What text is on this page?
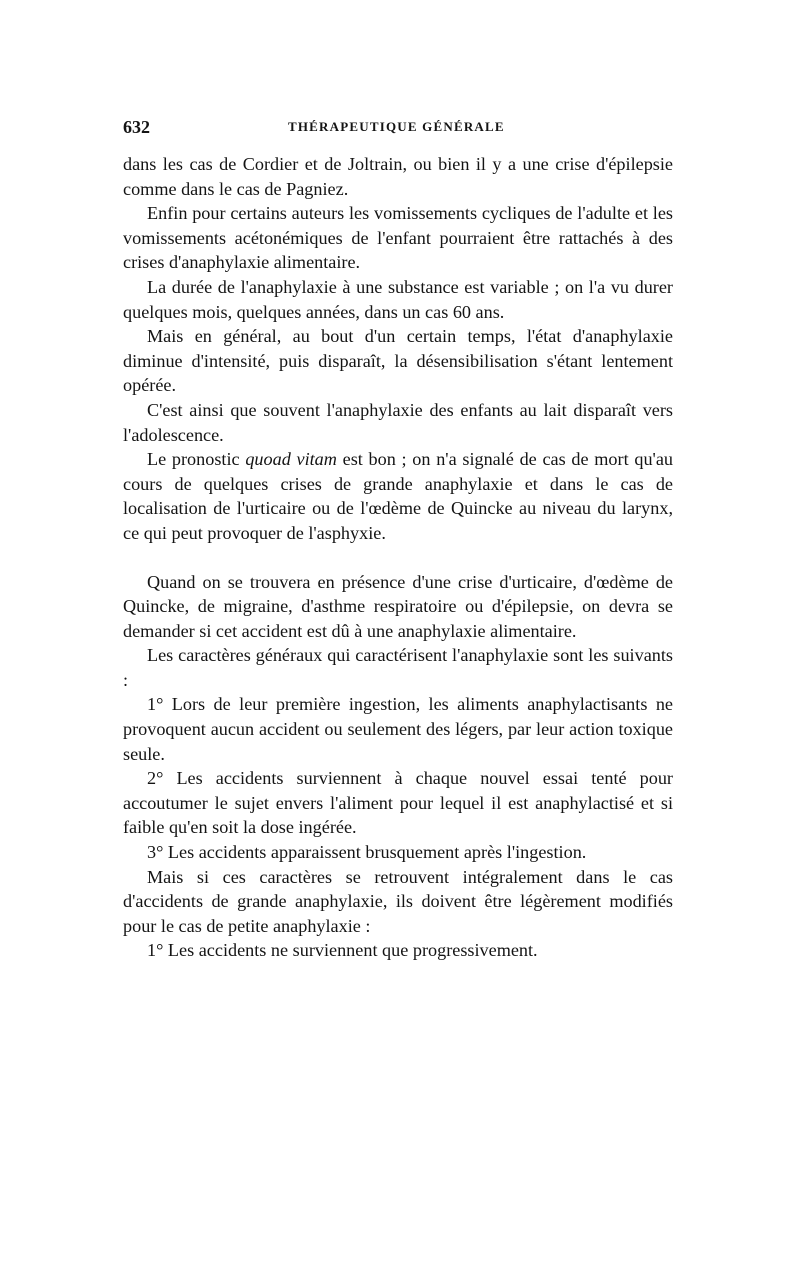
632	THÉRAPEUTIQUE GÉNÉRALE

dans les cas de Cordier et de Joltrain, ou bien il y a une crise d'épilepsie comme dans le cas de Pagniez.

Enfin pour certains auteurs les vomissements cycliques de l'adulte et les vomissements acétonémiques de l'enfant pourraient être rattachés à des crises d'anaphylaxie alimentaire.

La durée de l'anaphylaxie à une substance est variable ; on l'a vu durer quelques mois, quelques années, dans un cas 60 ans.

Mais en général, au bout d'un certain temps, l'état d'anaphylaxie diminue d'intensité, puis disparaît, la désensibilisation s'étant lentement opérée.

C'est ainsi que souvent l'anaphylaxie des enfants au lait disparaît vers l'adolescence.

Le pronostic quoad vitam est bon ; on n'a signalé de cas de mort qu'au cours de quelques crises de grande anaphylaxie et dans le cas de localisation de l'urticaire ou de l'œdème de Quincke au niveau du larynx, ce qui peut provoquer de l'asphyxie.

Quand on se trouvera en présence d'une crise d'urticaire, d'œdème de Quincke, de migraine, d'asthme respiratoire ou d'épilepsie, on devra se demander si cet accident est dû à une anaphylaxie alimentaire.

Les caractères généraux qui caractérisent l'anaphylaxie sont les suivants :

1° Lors de leur première ingestion, les aliments anaphylactisants ne provoquent aucun accident ou seulement des légers, par leur action toxique seule.

2° Les accidents surviennent à chaque nouvel essai tenté pour accoutumer le sujet envers l'aliment pour lequel il est anaphylactisé et si faible qu'en soit la dose ingérée.

3° Les accidents apparaissent brusquement après l'ingestion.

Mais si ces caractères se retrouvent intégralement dans le cas d'accidents de grande anaphylaxie, ils doivent être légèrement modifiés pour le cas de petite anaphylaxie :

1° Les accidents ne surviennent que progressivement.
